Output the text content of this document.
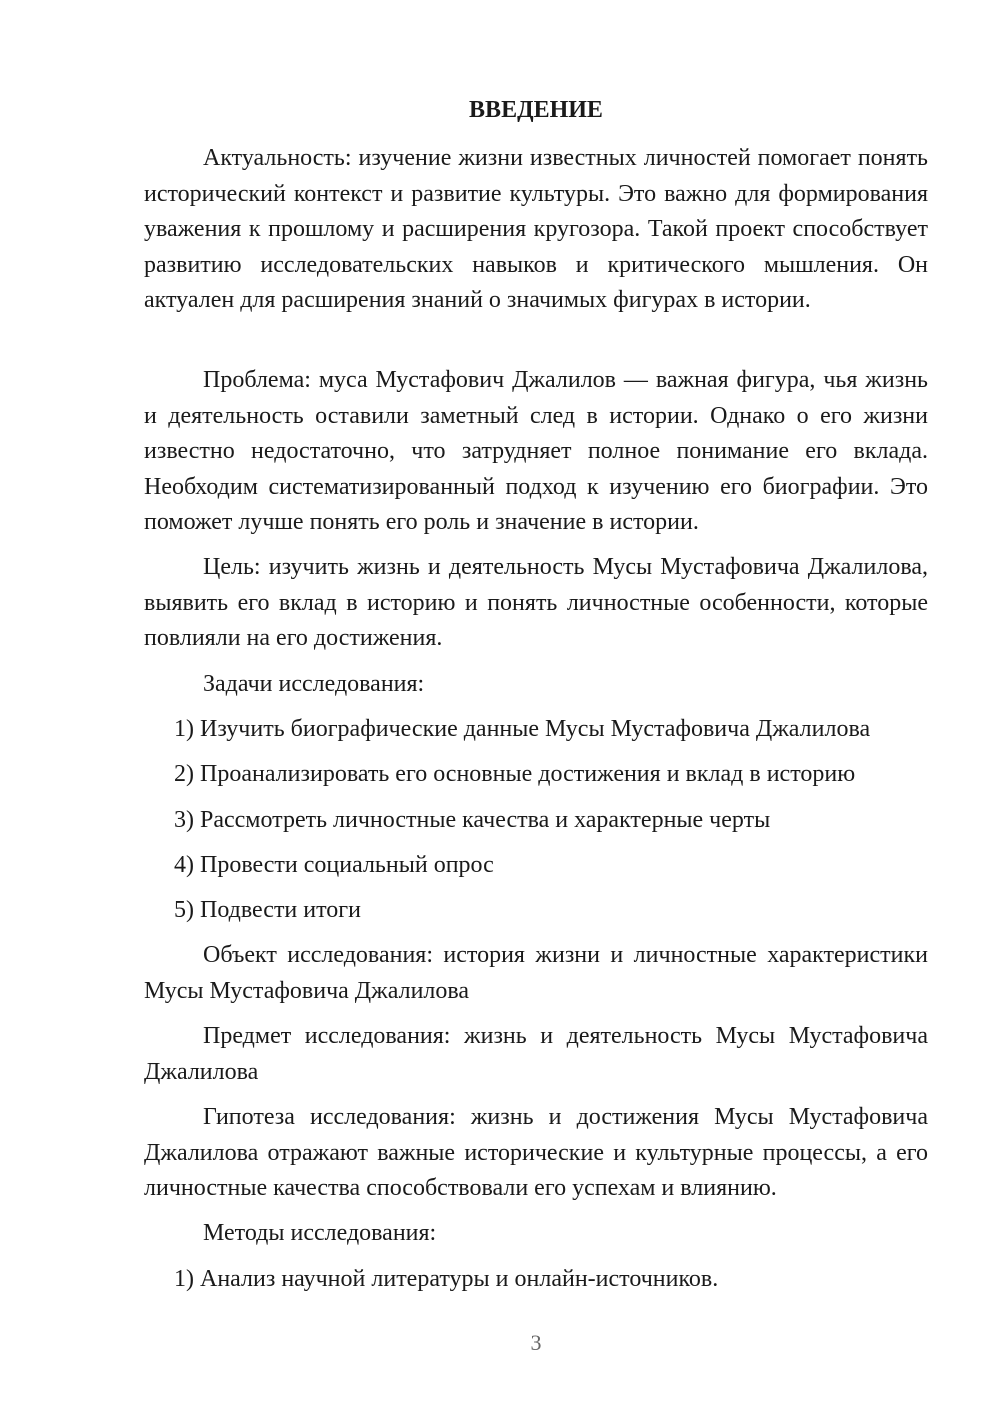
ВВЕДЕНИЕ

Актуальность: изучение жизни известных личностей помогает понять исторический контекст и развитие культуры. Это важно для формирования уважения к прошлому и расширения кругозора. Такой проект способствует развитию исследовательских навыков и критического мышления. Он актуален для расширения знаний о значимых фигурах в истории.

Проблема: муса Мустафович Джалилов — важная фигура, чья жизнь и деятельность оставили заметный след в истории. Однако о его жизни известно недостаточно, что затрудняет полное понимание его вклада. Необходим систематизированный подход к изучению его биографии. Это поможет лучше понять его роль и значение в истории.

Цель: изучить жизнь и деятельность Мусы Мустафовича Джалилова, выявить его вклад в историю и понять личностные особенности, которые повлияли на его достижения.

Задачи исследования:

1) Изучить биографические данные Мусы Мустафовича Джалилова

2) Проанализировать его основные достижения и вклад в историю

3) Рассмотреть личностные качества и характерные черты

4) Провести социальный опрос

5) Подвести итоги

Объект исследования: история жизни и личностные характеристики Мусы Мустафовича Джалилова

Предмет исследования: жизнь и деятельность Мусы Мустафовича Джалилова

Гипотеза исследования: жизнь и достижения Мусы Мустафовича Джалилова отражают важные исторические и культурные процессы, а его личностные качества способствовали его успехам и влиянию.

Методы исследования:

1) Анализ научной литературы и онлайн-источников.

3
